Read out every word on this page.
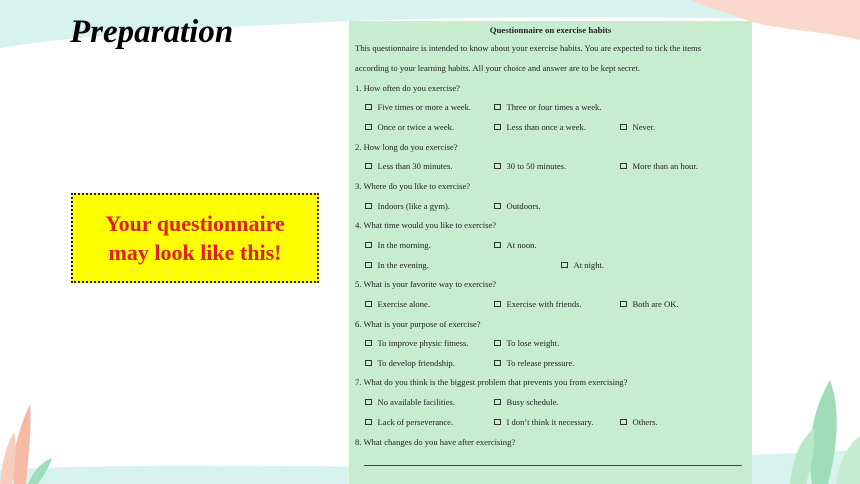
Preparation
Your questionnaire may look like this!
Questionnaire on exercise habits
This questionnaire is intended to know about your exercise habits. You are expected to tick the items
according to your learning habits. All your choice and answer are to be kept secret.
1. How often do you exercise?
Five times or more a week.	Three or four times a week.
Once or twice a week.	Less than once a week.	Never.
2. How long do you exercise?
Less than 30 minutes.	30 to 50 minutes.	More than an hour.
3. Where do you like to exercise?
Indoors (like a gym).	Outdoors.
4. What time would you like to exercise?
In the morning.	At noon.
In the evening.	At night.
5. What is your favorite way to exercise?
Exercise alone.	Exercise with friends.	Both are OK.
6. What is your purpose of exercise?
To improve physic fitness.	To lose weight.
To develop friendship.	To release pressure.
7. What do you think is the biggest problem that prevents you from exercising?
No available facilities.	Busy schedule.
Lack of perseverance.	I don’t think it necessary.	Others.
8. What changes do you have after exercising?
